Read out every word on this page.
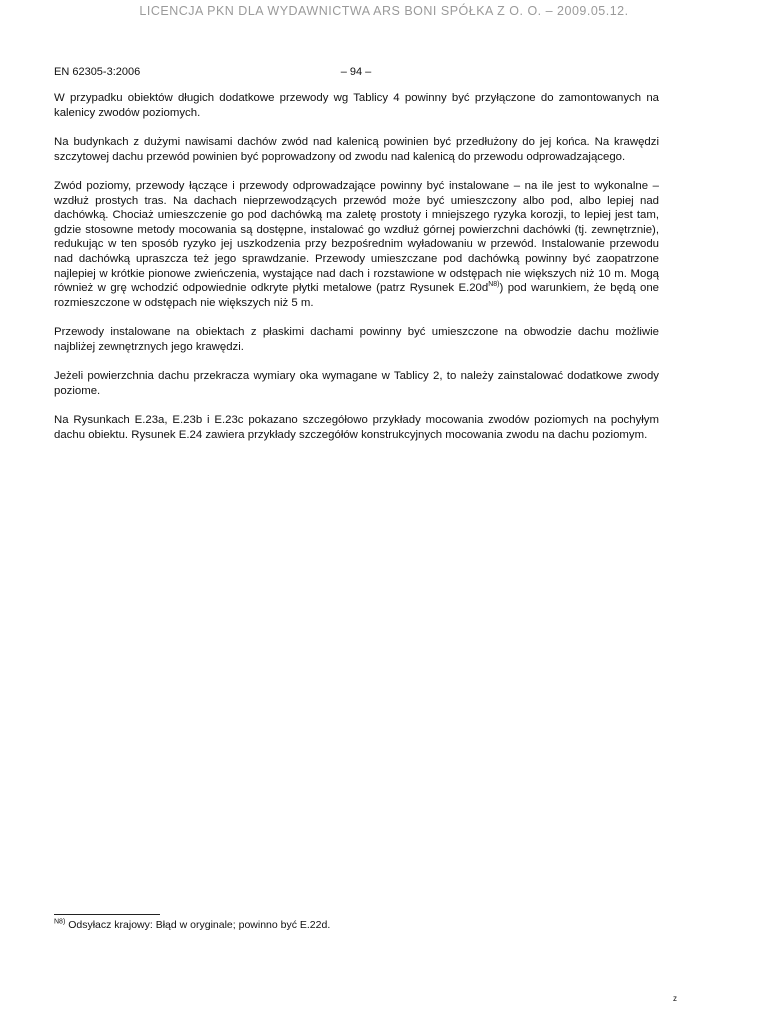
LICENCJA PKN DLA WYDAWNICTWA ARS BONI SPÓŁKA Z O. O. – 2009.05.12.
EN 62305-3:2006	– 94 –

W przypadku obiektów długich dodatkowe przewody wg Tablicy 4 powinny być przyłączone do zamontowanych na kalenicy zwodów poziomych.

Na budynkach z dużymi nawisami dachów zwód nad kalenicą powinien być przedłużony do jej końca. Na krawędzi szczytowej dachu przewód powinien być poprowadzony od zwodu nad kalenicą do przewodu odprowadzającego.

Zwód poziomy, przewody łączące i przewody odprowadzające powinny być instalowane – na ile jest to wykonalne – wzdłuż prostych tras. Na dachach nieprzewodzących przewód może być umieszczony albo pod, albo lepiej nad dachówką. Chociaż umieszczenie go pod dachówką ma zaletę prostoty i mniejszego ryzyka korozji, to lepiej jest tam, gdzie stosowne metody mocowania są dostępne, instalować go wzdłuż górnej powierzchni dachówki (tj. zewnętrznie), redukując w ten sposób ryzyko jej uszkodzenia przy bezpośrednim wyładowaniu w przewód. Instalowanie przewodu nad dachówką upraszcza też jego sprawdzanie. Przewody umieszczane pod dachówką powinny być zaopatrzone najlepiej w krótkie pionowe zwieńczenia, wystające nad dach i rozstawione w odstępach nie większych niż 10 m. Mogą również w grę wchodzić odpowiednie odkryte płytki metalowe (patrz Rysunek $E.20d^{N8)}$) pod warunkiem, że będą one rozmieszczone w odstępach nie większych niż 5 m.

Przewody instalowane na obiektach z płaskimi dachami powinny być umieszczone na obwodzie dachu możliwie najbliżej zewnętrznych jego krawędzi.

Jeżeli powierzchnia dachu przekracza wymiary oka wymagane w Tablicy 2, to należy zainstalować dodatkowe zwody poziome.

Na Rysunkach E.23a, E.23b i E.23c pokazano szczegółowo przykłady mocowania zwodów poziomych na pochyłym dachu obiektu. Rysunek E.24 zawiera przykłady szczegółów konstrukcyjnych mocowania zwodu na dachu poziomym.

$^{N8)}$ Odsyłacz krajowy: Błąd w oryginale; powinno być E.22d.
z
